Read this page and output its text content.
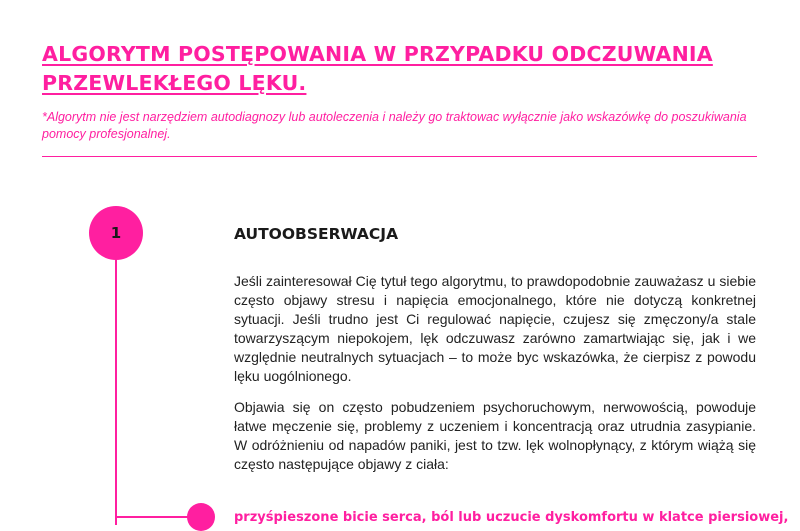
ALGORYTM POSTĘPOWANIA W PRZYPADKU ODCZUWANIA PRZEWLEKŁEGO LĘKU.

*Algorytm nie jest narzędziem autodiagnozy lub autoleczenia i należy go traktowac wyłącznie jako wskazówkę do poszukiwania pomocy profesjonalnej.

1	AUTOOBSERWACJA

Jeśli zainteresował Cię tytuł tego algorytmu, to prawdopodobnie zauważasz u siebie często objawy stresu i napięcia emocjonalnego, które nie dotyczą konkretnej sytuacji. Jeśli trudno jest Ci regulować napięcie, czujesz się zmęczony/a stale towarzyszącym niepokojem, lęk odczuwasz zarówno zamartwiając się, jak i we względnie neutralnych sytuacjach – to może byc wskazówka, że cierpisz z powodu lęku uogólnionego.

Objawia się on często pobudzeniem psychoruchowym, nerwowością, powoduje łatwe męczenie się, problemy z uczeniem i koncentracją oraz utrudnia zasypianie. W odróżnieniu od napadów paniki, jest to tzw. lęk wolnopłynący, z którym wiążą się często następujące objawy z ciała:

przyśpieszone bicie serca, ból lub uczucie dyskomfortu w klatce piersiowej,
